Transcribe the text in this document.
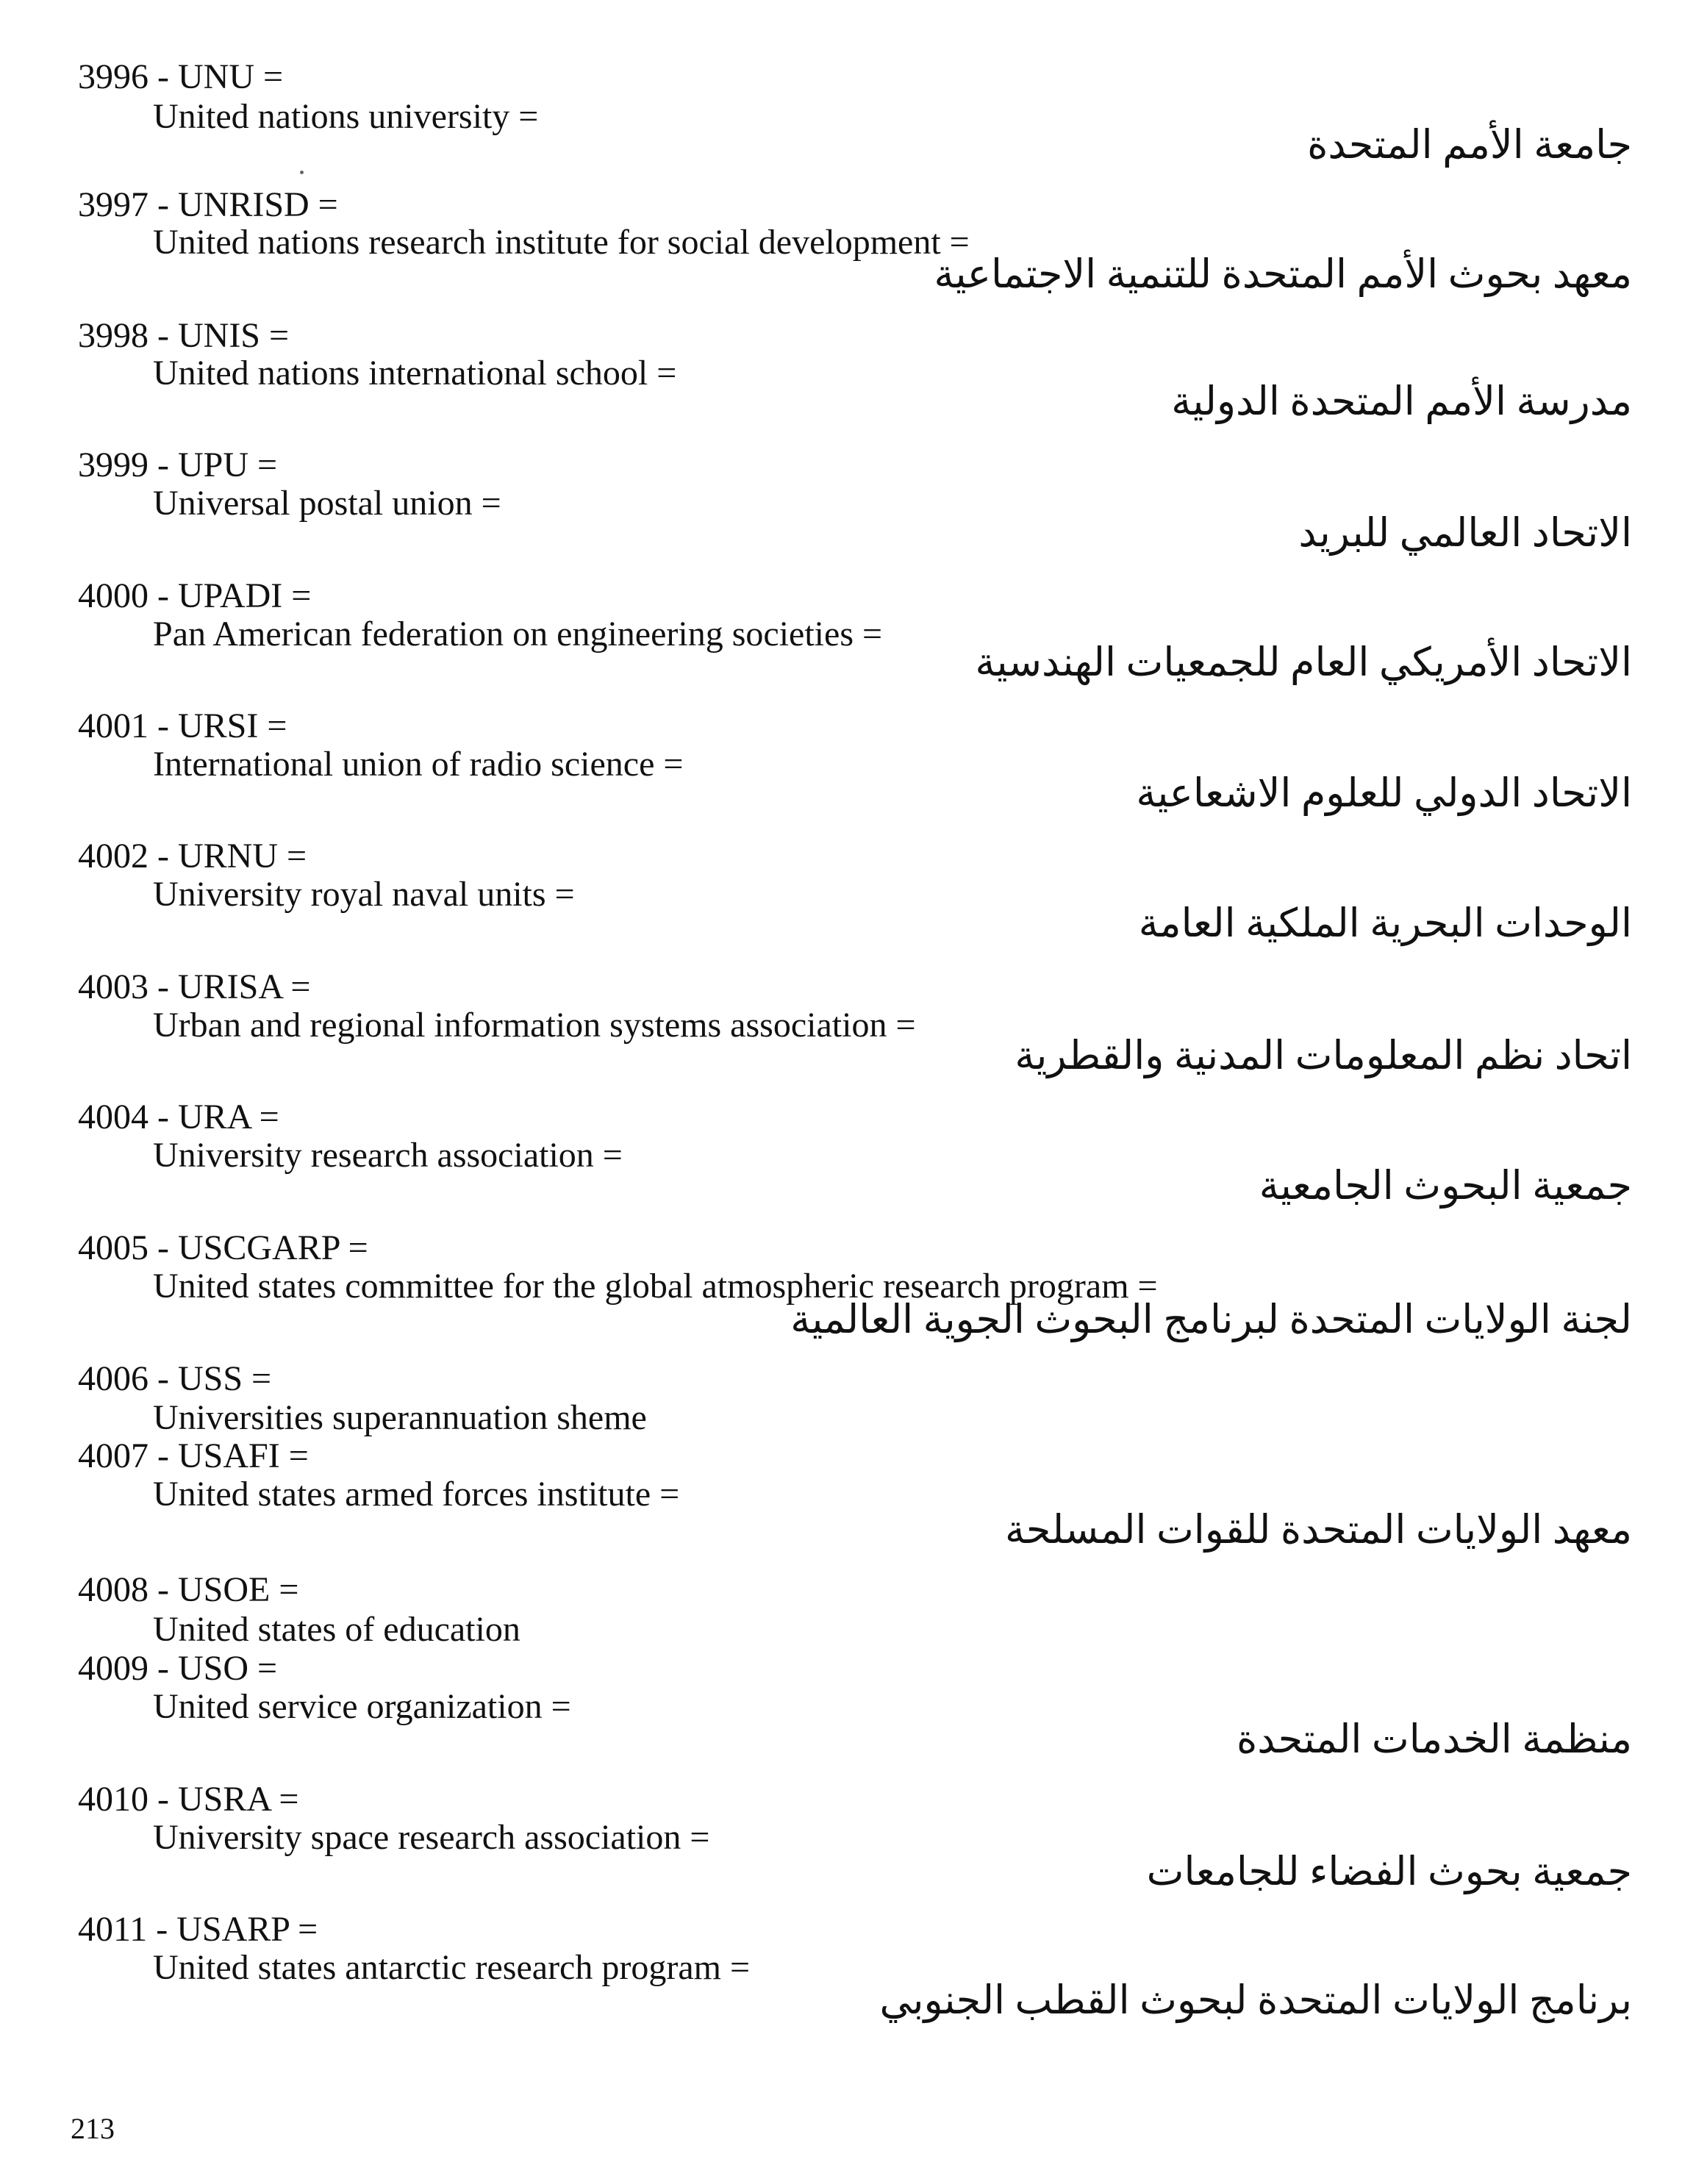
3996 - UNU =
United nations university =
جامعة الأمم المتحدة
3997 - UNRISD =
United nations research institute for social development =
معهد بحوث الأمم المتحدة للتنمية الاجتماعية
3998 - UNIS =
United nations international school =
مدرسة الأمم المتحدة الدولية
3999 - UPU =
Universal postal union =
الاتحاد العالمي للبريد
4000 - UPADI =
Pan American federation on engineering societies =
الاتحاد الأمريكي العام للجمعيات الهندسية
4001 - URSI =
International union of radio science =
الاتحاد الدولي للعلوم الاشعاعية
4002 - URNU =
University royal naval units =
الوحدات البحرية الملكية العامة
4003 - URISA =
Urban and regional information systems association =
اتحاد نظم المعلومات المدنية والقطرية
4004 - URA =
University research association =
جمعية البحوث الجامعية
4005 - USCGARP =
United states committee for the global atmospheric research program =
لجنة الولايات المتحدة لبرنامج البحوث الجوية العالمية
4006 - USS =
Universities superannuation sheme
4007 - USAFI =
United states armed forces institute =
معهد الولايات المتحدة للقوات المسلحة
4008 - USOE =
United states of education
4009 - USO =
United service organization =
منظمة الخدمات المتحدة
4010 - USRA =
University space research association =
جمعية بحوث الفضاء للجامعات
4011 - USARP =
United states antarctic research program =
برنامج الولايات المتحدة لبحوث القطب الجنوبي
213
